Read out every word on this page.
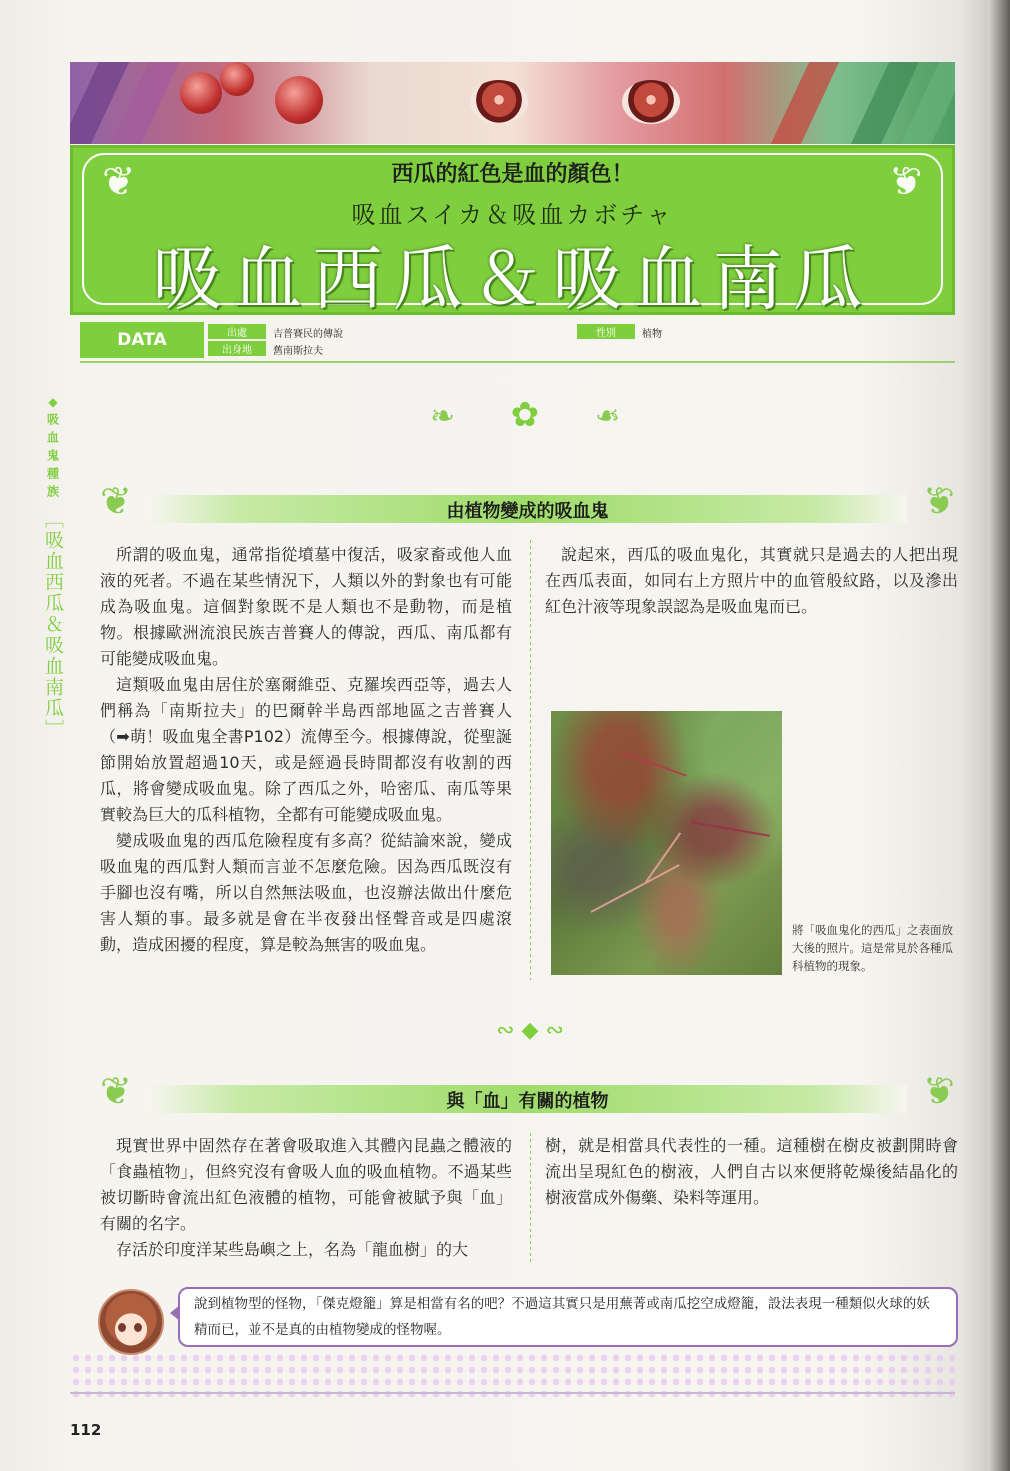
❦	❦
西瓜的紅色是血的顏色！
吸血スイカ＆吸血カボチャ
吸血西瓜＆吸血南瓜
DATA	出處	吉普賽民的傳說
出身地	舊南斯拉夫
性別	植物
❧ ✿ ❧
◆
吸血鬼種族
［吸血西瓜＆吸血南瓜］
❦	由植物變成的吸血鬼	❦

所謂的吸血鬼，通常指從墳墓中復活，吸家畜或他人血液的死者。不過在某些情況下，人類以外的對象也有可能成為吸血鬼。這個對象既不是人類也不是動物，而是植物。根據歐洲流浪民族吉普賽人的傳說，西瓜、南瓜都有可能變成吸血鬼。

這類吸血鬼由居住於塞爾維亞、克羅埃西亞等，過去人們稱為「南斯拉夫」的巴爾幹半島西部地區之吉普賽人（➡萌！吸血鬼全書P102）流傳至今。根據傳說，從聖誕節開始放置超過10天，或是經過長時間都沒有收割的西瓜，將會變成吸血鬼。除了西瓜之外，哈密瓜、南瓜等果實較為巨大的瓜科植物，全都有可能變成吸血鬼。

變成吸血鬼的西瓜危險程度有多高？從結論來說，變成吸血鬼的西瓜對人類而言並不怎麼危險。因為西瓜既沒有手腳也沒有嘴，所以自然無法吸血，也沒辦法做出什麼危害人類的事。最多就是會在半夜發出怪聲音或是四處滾動，造成困擾的程度，算是較為無害的吸血鬼。

說起來，西瓜的吸血鬼化，其實就只是過去的人把出現在西瓜表面，如同右上方照片中的血管般紋路，以及滲出紅色汁液等現象誤認為是吸血鬼而已。

將「吸血鬼化的西瓜」之表面放大後的照片。這是常見於各種瓜科植物的現象。
∾ ◆ ∾
❦	與「血」有關的植物	❦

現實世界中固然存在著會吸取進入其體內昆蟲之體液的「食蟲植物」，但終究沒有會吸人血的吸血植物。不過某些被切斷時會流出紅色液體的植物，可能會被賦予與「血」有關的名字。

存活於印度洋某些島嶼之上，名為「龍血樹」的大

樹，就是相當具代表性的一種。這種樹在樹皮被劃開時會流出呈現紅色的樹液，人們自古以來便將乾燥後結晶化的樹液當成外傷藥、染料等運用。

說到植物型的怪物，「傑克燈籠」算是相當有名的吧？不過這其實只是用蕪菁或南瓜挖空成燈籠，設法表現一種類似火球的妖精而已，並不是真的由植物變成的怪物喔。
112
